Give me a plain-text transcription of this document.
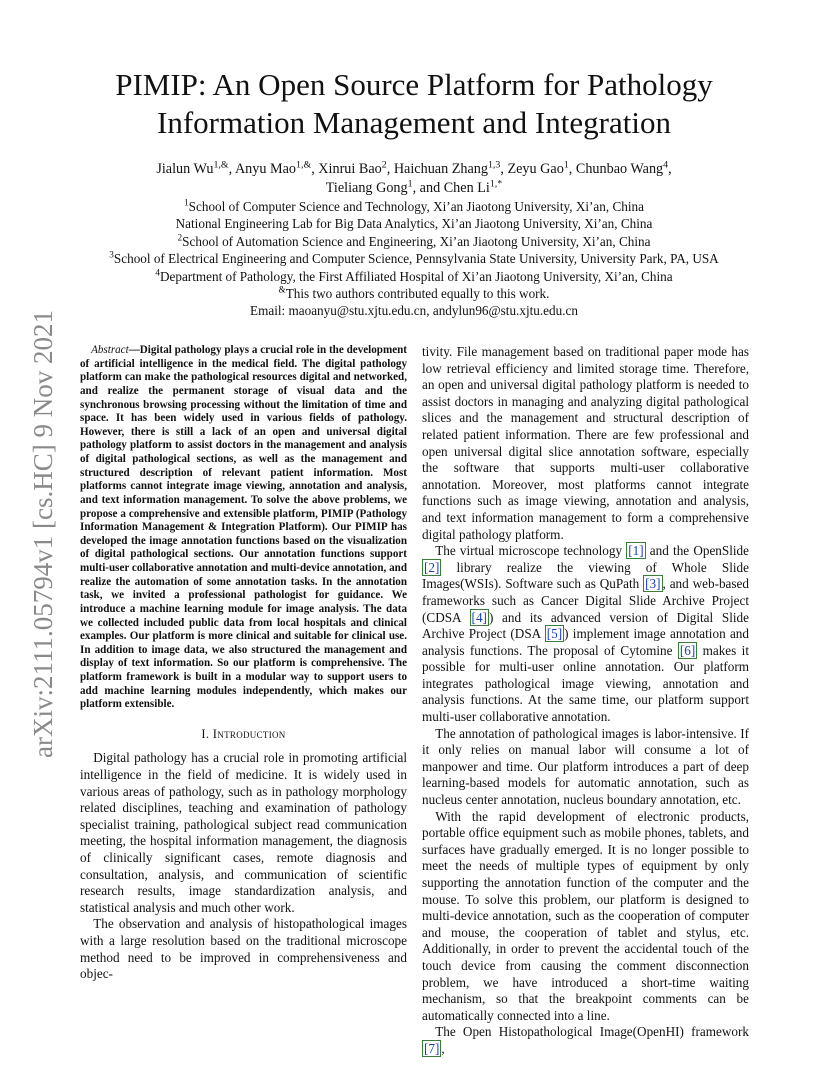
arXiv:2111.05794v1 [cs.HC] 9 Nov 2021
PIMIP: An Open Source Platform for Pathology
Information Management and Integration
Jialun $Wu^{1,\&}$, Anyu Mao$^{1,\&}$, Xinrui Bao$^2$, Haichuan Zhang$^{1,3}$, Zeyu Gao$^1$, Chunbao Wang$^4$,
Tieliang Gong$^1$, and Chen $Li^{1,*}$
$^1$School of Computer Science and Technology, Xi’an Jiaotong University, Xi’an, China
National Engineering Lab for Big Data Analytics, Xi’an Jiaotong University, Xi’an, China
$^2$School of Automation Science and Engineering, Xi’an Jiaotong University, Xi’an, China
$^3$School of Electrical Engineering and Computer Science, Pennsylvania State University, University Park, PA, USA
$^4$Department of Pathology, the First Affiliated Hospital of Xi’an Jiaotong University, Xi’an, China
&This two authors contributed equally to this work.
Email: maoanyu@stu.xjtu.edu.cn, andylun96@stu.xjtu.edu.cn
Abstract—Digital pathology plays a crucial role in the development of artificial intelligence in the medical field. The digital pathology platform can make the pathological resources digital and networked, and realize the permanent storage of visual data and the synchronous browsing processing without the limitation of time and space. It has been widely used in various fields of pathology. However, there is still a lack of an open and universal digital pathology platform to assist doctors in the management and analysis of digital pathological sections, as well as the management and structured description of relevant patient information. Most platforms cannot integrate image viewing, annotation and analysis, and text information management. To solve the above problems, we propose a comprehensive and extensible platform, PIMIP (Pathology Information Management & Integration Platform). Our PIMIP has developed the image annotation functions based on the visualization of digital pathological sections. Our annotation functions support multi-user collaborative annotation and multi-device annotation, and realize the automation of some annotation tasks. In the annotation task, we invited a professional pathologist for guidance. We introduce a machine learning module for image analysis. The data we collected included public data from local hospitals and clinical examples. Our platform is more clinical and suitable for clinical use. In addition to image data, we also structured the management and display of text information. So our platform is comprehensive. The platform framework is built in a modular way to support users to add machine learning modules independently, which makes our platform extensible.
I. Introduction

Digital pathology has a crucial role in promoting artificial intelligence in the field of medicine. It is widely used in various areas of pathology, such as in pathology morphology related disciplines, teaching and examination of pathology specialist training, pathological subject read communication meeting, the hospital information management, the diagnosis of clinically significant cases, remote diagnosis and consultation, analysis, and communication of scientific research results, image standardization analysis, and statistical analysis and much other work.

The observation and analysis of histopathological images with a large resolution based on the traditional microscope method need to be improved in comprehensiveness and objec-

tivity. File management based on traditional paper mode has low retrieval efficiency and limited storage time. Therefore, an open and universal digital pathology platform is needed to assist doctors in managing and analyzing digital pathological slices and the management and structural description of related patient information. There are few professional and open universal digital slice annotation software, especially the software that supports multi-user collaborative annotation. Moreover, most platforms cannot integrate functions such as image viewing, annotation and analysis, and text information management to form a comprehensive digital pathology platform.

The virtual microscope technology [1] and the OpenSlide [2] library realize the viewing of Whole Slide Images(WSIs). Software such as QuPath [3] , and web-based frameworks such as Cancer Digital Slide Archive Project (CDSA [4] ) and its advanced version of Digital Slide Archive Project (DSA [5] ) implement image annotation and analysis functions. The proposal of Cytomine [6] makes it possible for multi-user online annotation. Our platform integrates pathological image viewing, annotation and analysis functions. At the same time, our platform support multi-user collaborative annotation.

The annotation of pathological images is labor-intensive. If it only relies on manual labor will consume a lot of manpower and time. Our platform introduces a part of deep learning-based models for automatic annotation, such as nucleus center annotation, nucleus boundary annotation, etc.

With the rapid development of electronic products, portable office equipment such as mobile phones, tablets, and surfaces have gradually emerged. It is no longer possible to meet the needs of multiple types of equipment by only supporting the annotation function of the computer and the mouse. To solve this problem, our platform is designed to multi-device annotation, such as the cooperation of computer and mouse, the cooperation of tablet and stylus, etc. Additionally, in order to prevent the accidental touch of the touch device from causing the comment disconnection problem, we have introduced a short-time waiting mechanism, so that the breakpoint comments can be automatically connected into a line.

The Open Histopathological Image(OpenHI) framework [7] ,
